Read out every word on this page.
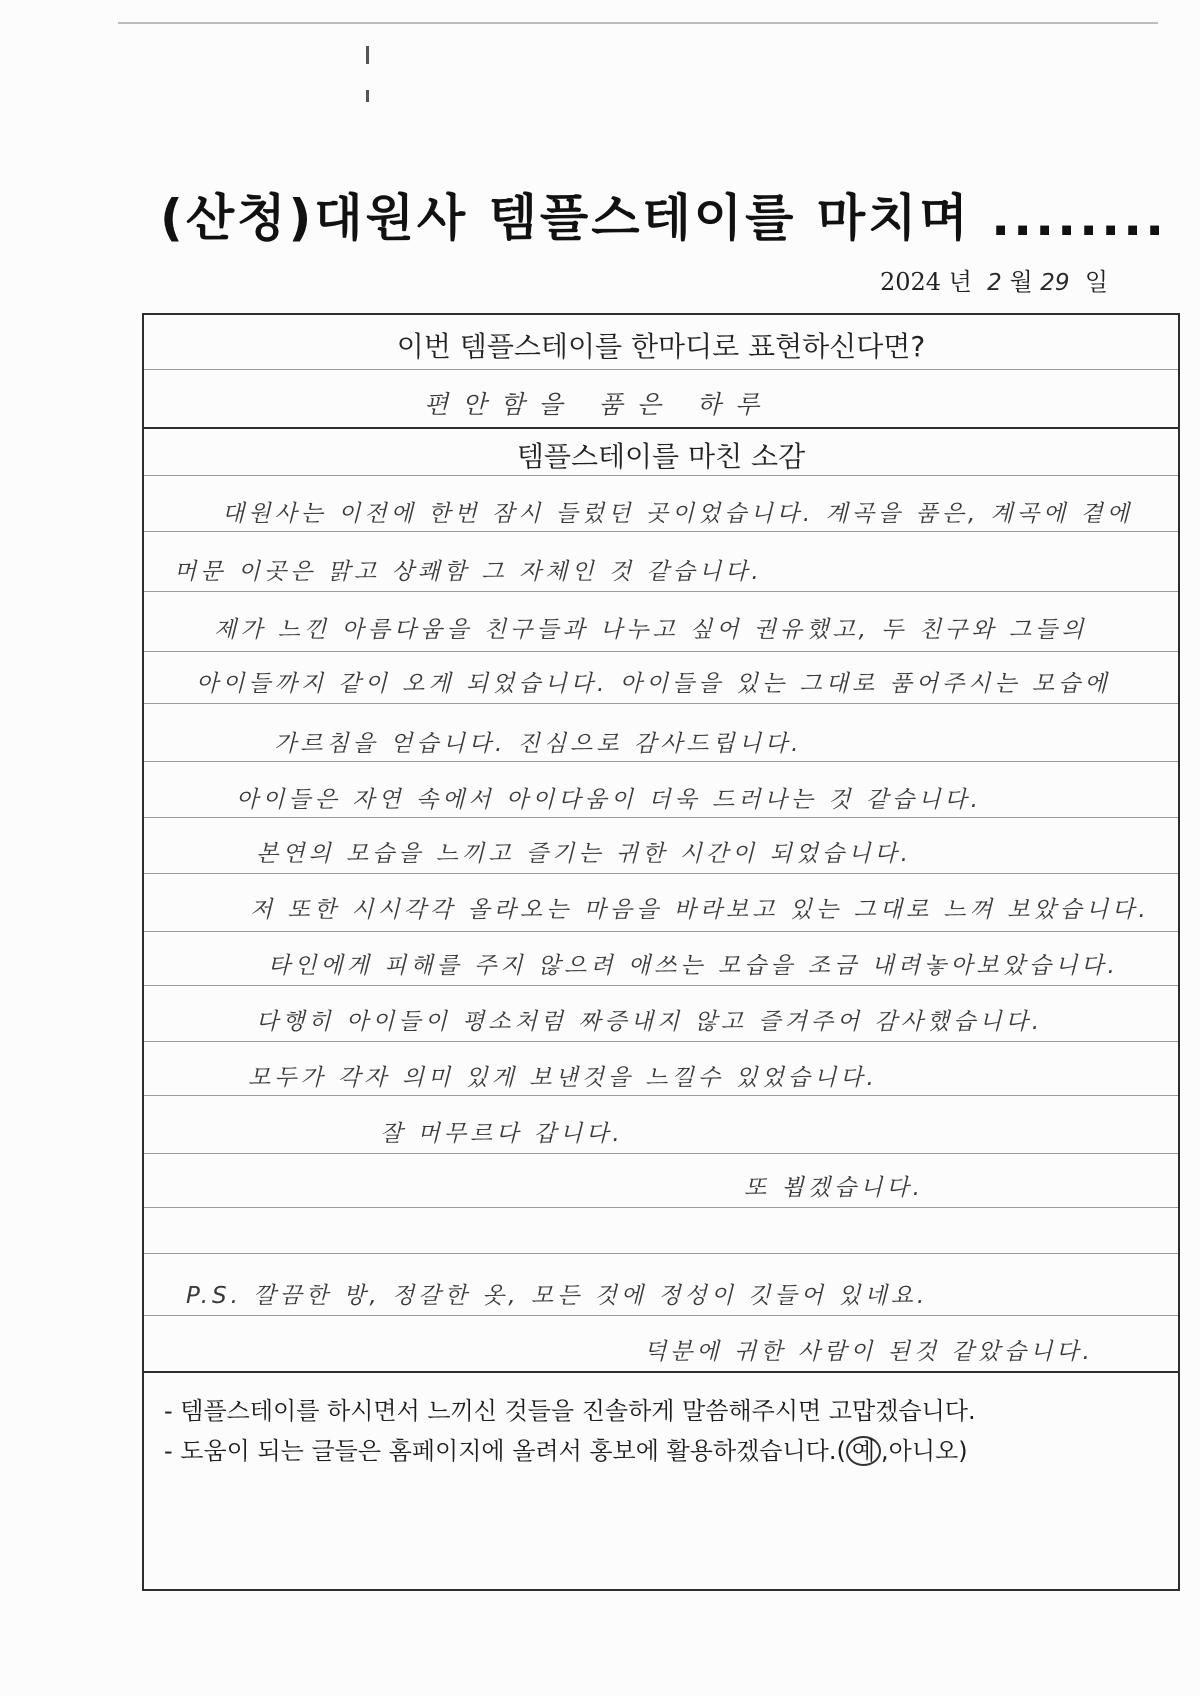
(산청)대원사 템플스테이를 마치며 ........
2024 년 2 월 29 일
이번 템플스테이를 한마디로 표현하신다면?
편안함을 품은 하루
템플스테이를 마친 소감
대원사는 이전에 한번 잠시 들렀던 곳이었습니다. 계곡을 품은, 계곡에 곁에
머문 이곳은 맑고 상쾌함 그 자체인 것 같습니다.
제가 느낀 아름다움을 친구들과 나누고 싶어 권유했고, 두 친구와 그들의
아이들까지 같이 오게 되었습니다. 아이들을 있는 그대로 품어주시는 모습에
가르침을 얻습니다. 진심으로 감사드립니다.
아이들은 자연 속에서 아이다움이 더욱 드러나는 것 같습니다.
본연의 모습을 느끼고 즐기는 귀한 시간이 되었습니다.
저 또한 시시각각 올라오는 마음을 바라보고 있는 그대로 느껴 보았습니다.
타인에게 피해를 주지 않으려 애쓰는 모습을 조금 내려놓아보았습니다.
다행히 아이들이 평소처럼 짜증내지 않고 즐겨주어 감사했습니다.
모두가 각자 의미 있게 보낸것을 느낄수 있었습니다.
잘 머무르다 갑니다.
또 뵙겠습니다.
P.S. 깔끔한 방, 정갈한 옷, 모든 것에 정성이 깃들어 있네요.
덕분에 귀한 사람이 된것 같았습니다.
- 템플스테이를 하시면서 느끼신 것들을 진솔하게 말씀해주시면 고맙겠습니다.
- 도움이 되는 글들은 홈페이지에 올려서 홍보에 활용하겠습니다.( 예 ,아니오)
